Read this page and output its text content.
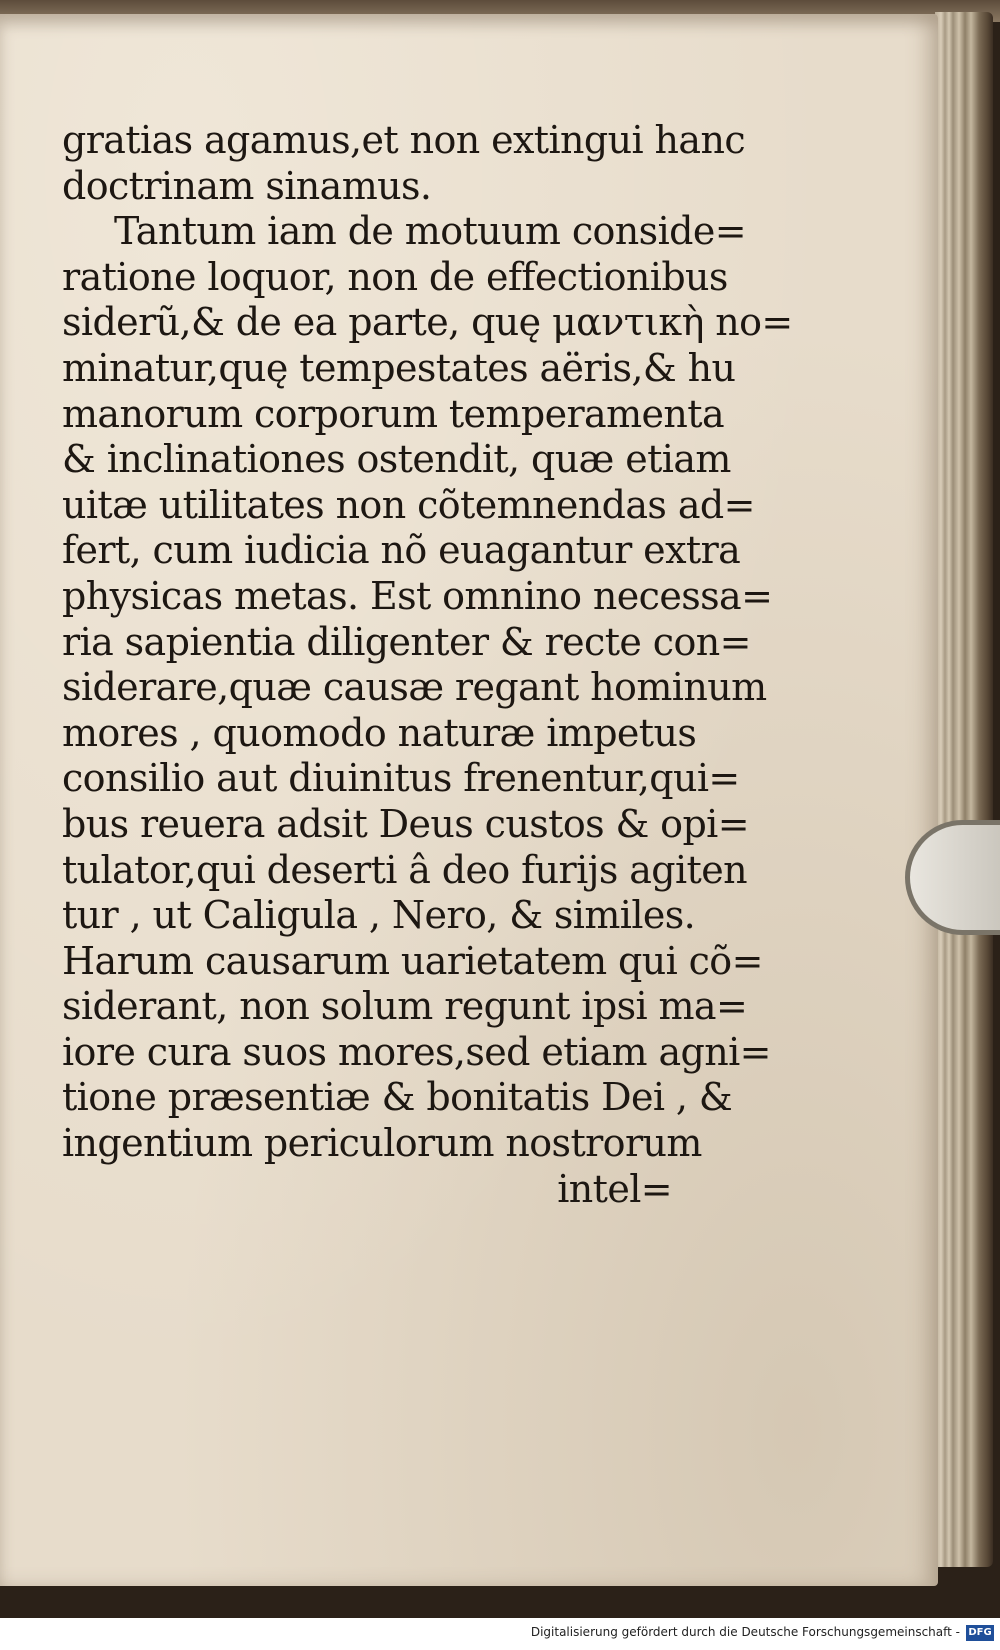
gratias agamus,et non extingui hanc
doctrinam sinamus.
Tantum iam de motuum conside=
ratione loquor, non de effectionibus
siderũ,& de ea parte, quę μαντικὴ no=
minatur,quę tempestates aëris,& hu
manorum corporum temperamenta
& inclinationes ostendit, quæ etiam
uitæ utilitates non cõtemnendas ad=
fert, cum iudicia nõ euagantur extra
physicas metas. Est omnino necessa=
ria sapientia diligenter & recte con=
siderare,quæ causæ regant hominum
mores , quomodo naturæ impetus
consilio aut diuinitus frenentur,qui=
bus reuera adsit Deus custos & opi=
tulator,qui deserti â deo furijs agiten
tur , ut Caligula , Nero, & similes.
Harum causarum uarietatem qui cõ=
siderant, non solum regunt ipsi ma=
iore cura suos mores,sed etiam agni=
tione præsentiæ & bonitatis Dei , &
ingentium periculorum nostrorum
intel=
Digitalisierung gefördert durch die Deutsche Forschungsgemeinschaft - DFG
